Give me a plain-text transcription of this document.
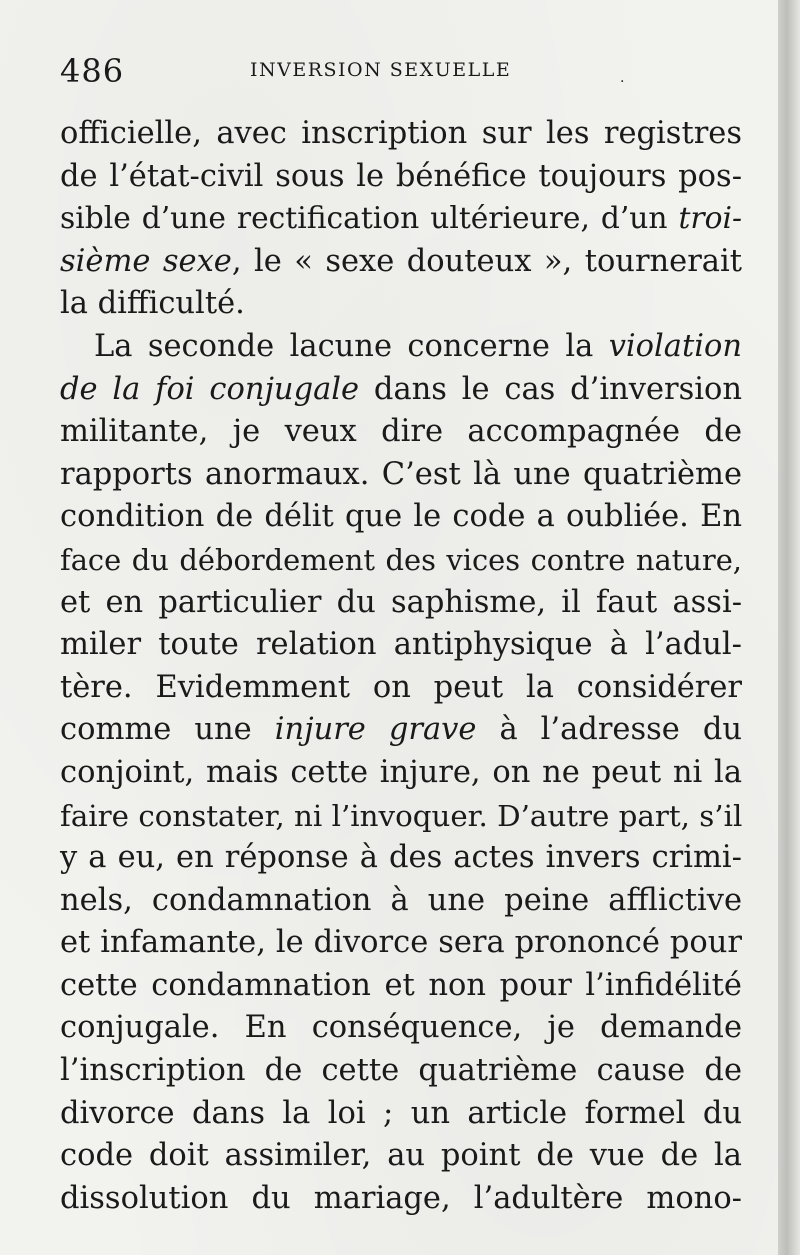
486	INVERSION SEXUELLE	.
officielle, avec inscription sur les registres
de l’état-civil sous le bénéfice toujours pos-
sible d’une rectification ultérieure, d’un troi-
sième sexe, le « sexe douteux », tournerait
la difficulté.
La seconde lacune concerne la violation
de la foi conjugale dans le cas d’inversion
militante, je veux dire accompagnée de
rapports anormaux. C’est là une quatrième
condition de délit que le code a oubliée. En
face du débordement des vices contre nature,
et en particulier du saphisme, il faut assi-
miler toute relation antiphysique à l’adul-
tère. Evidemment on peut la considérer
comme une injure grave à l’adresse du
conjoint, mais cette injure, on ne peut ni la
faire constater, ni l’invoquer. D’autre part, s’il
y a eu, en réponse à des actes invers crimi-
nels, condamnation à une peine afflictive
et infamante, le divorce sera prononcé pour
cette condamnation et non pour l’infidélité
conjugale. En conséquence, je demande
l’inscription de cette quatrième cause de
divorce dans la loi ; un article formel du
code doit assimiler, au point de vue de la
dissolution du mariage, l’adultère mono-
